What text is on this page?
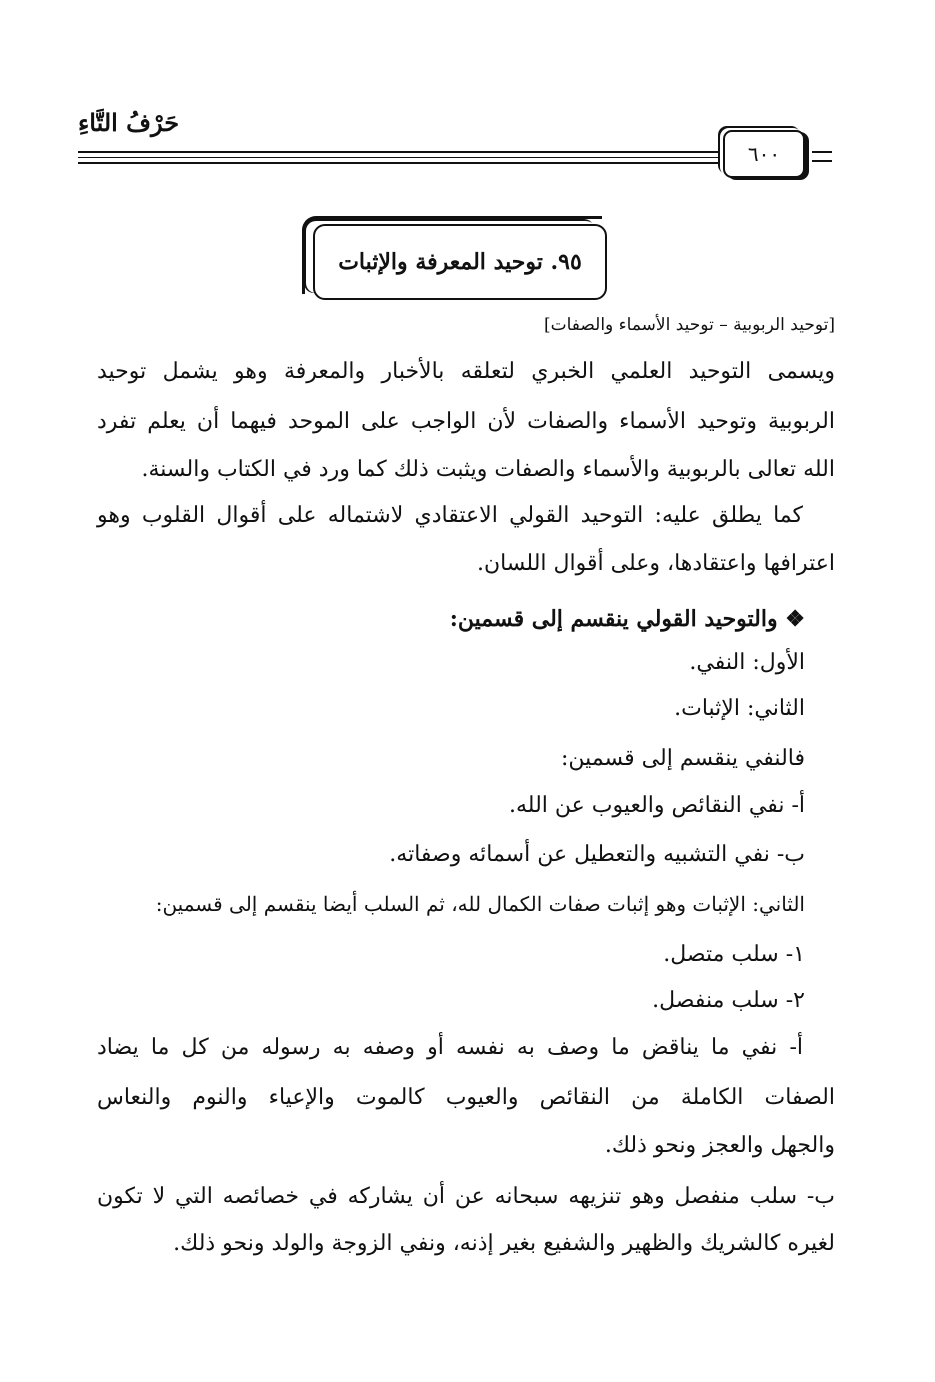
حَرْفُ التَّاءِ
٦٠٠
٩٥. توحيد المعرفة والإثبات
[توحيد الربوبية – توحيد الأسماء والصفات]
ويسمى التوحيد العلمي الخبري لتعلقه بالأخبار والمعرفة وهو يشمل توحيد
الربوبية وتوحيد الأسماء والصفات لأن الواجب على الموحد فيهما أن يعلم تفرد
الله تعالى بالربوبية والأسماء والصفات ويثبت ذلك كما ورد في الكتاب والسنة.
كما يطلق عليه: التوحيد القولي الاعتقادي لاشتماله على أقوال القلوب وهو
اعترافها واعتقادها، وعلى أقوال اللسان.
❖ والتوحيد القولي ينقسم إلى قسمين:
الأول: النفي.
الثاني: الإثبات.
فالنفي ينقسم إلى قسمين:
أ- نفي النقائص والعيوب عن الله.
ب- نفي التشبيه والتعطيل عن أسمائه وصفاته.
الثاني: الإثبات وهو إثبات صفات الكمال لله، ثم السلب أيضا ينقسم إلى قسمين:
١- سلب متصل.
٢- سلب منفصل.
أ- نفي ما يناقض ما وصف به نفسه أو وصفه به رسوله من كل ما يضاد
الصفات الكاملة من النقائص والعيوب كالموت والإعياء والنوم والنعاس
والجهل والعجز ونحو ذلك.
ب- سلب منفصل وهو تنزيهه سبحانه عن أن يشاركه في خصائصه التي لا تكون
لغيره كالشريك والظهير والشفيع بغير إذنه، ونفي الزوجة والولد ونحو ذلك.
